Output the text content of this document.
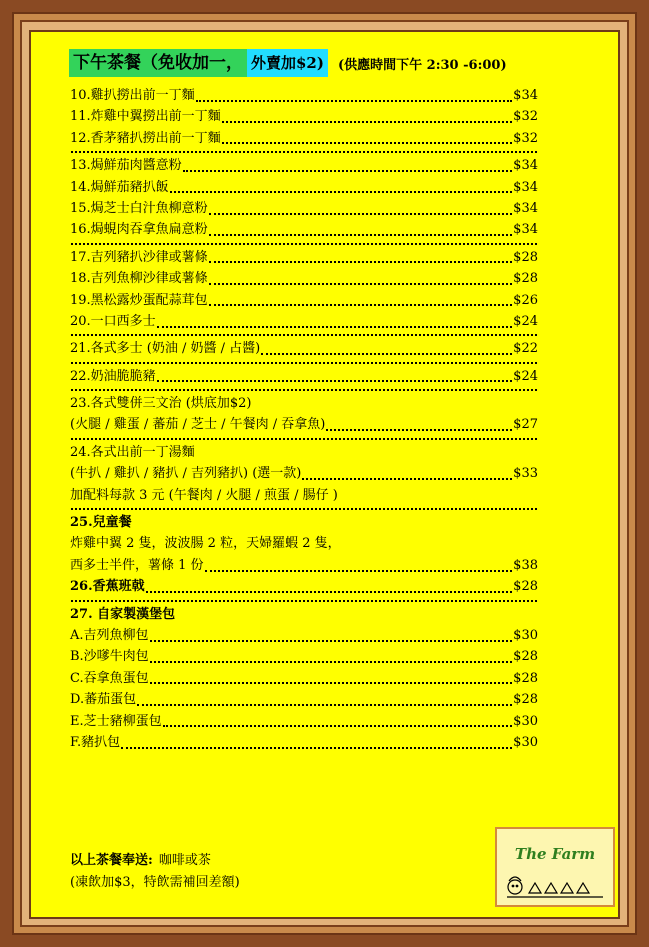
下午茶餐（免收加一， 外賣加$2)	(供應時間下午 2:30 -6:00)
10.雞扒撈出前一丁麵	$34
11.炸雞中翼撈出前一丁麵	$32
12.香茅豬扒撈出前一丁麵	$32
13.焗鮮茄肉醬意粉	$34
14.焗鮮茄豬扒飯	$34
15.焗芝士白汁魚柳意粉	$34
16.焗蜆肉吞拿魚扁意粉	$34
17.吉列豬扒沙律或薯條	$28
18.吉列魚柳沙律或薯條	$28
19.黑松露炒蛋配蒜茸包	$26
20.一口西多士	$24
21.各式多士 (奶油 / 奶醬 / 占醬)	$22
22.奶油脆脆豬	$24
23.各式雙併三文治 (烘底加$2)
(火腿 / 雞蛋 / 蕃茄 / 芝士 / 午餐肉 / 吞拿魚)	$27
24.各式出前一丁湯麵
(牛扒 / 雞扒 / 豬扒 / 吉列豬扒) (選一款)	$33
加配料每款 3 元 (午餐肉 / 火腿 / 煎蛋 / 腸仔 )
25.兒童餐
炸雞中翼 2 隻，波波腸 2 粒，天婦羅蝦 2 隻，
西多士半件，薯條 1 份	$38
26.香蕉班戟	$28
27. 自家製漢堡包
A.吉列魚柳包	$30
B.沙嗲牛肉包	$28
C.吞拿魚蛋包	$28
D.蕃茄蛋包	$28
E.芝士豬柳蛋包	$30
F.豬扒包	$30
以上茶餐奉送: 咖啡或茶
(凍飲加$3，特飲需補回差額)
The Farm
